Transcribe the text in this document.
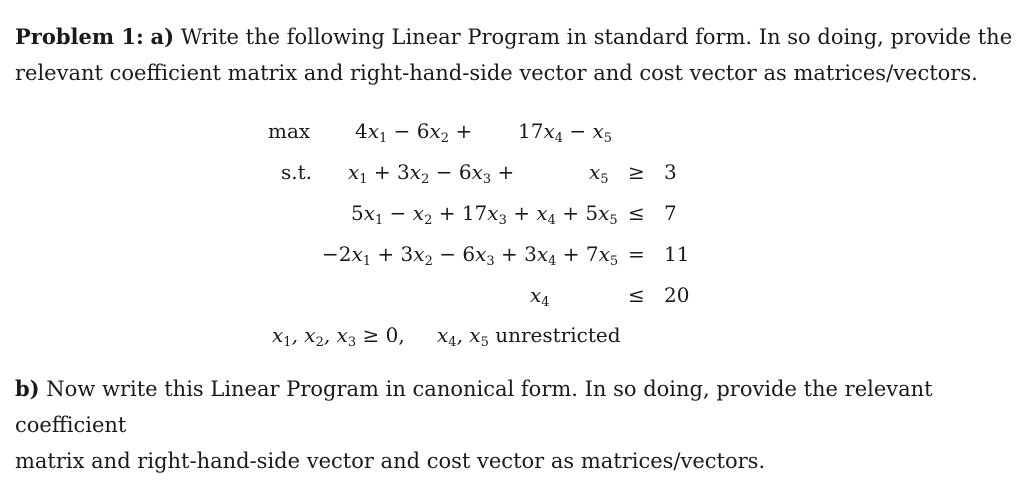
Problem 1: a) Write the following Linear Program in standard form. In so doing, provide the
relevant coefficient matrix and right-hand-side vector and cost vector as matrices/vectors.
max
s.t.
$4x_1 - 6x_2 + 17x_4 - x_5$
$x_1 + 3x_2 - 6x_3$ +	$x_5 \ge 3$
$5x_1 - x_2 + 17x_3 + x_4 + 5x_5 \le 7$
$-2x_1 + 3x_2 - 6x_3 + 3x_4 + 7x_5 = 11$
$x_4$	≤ 20
$x_1$, $x_2$, $x_3 \ge 0$, $x_4$, $x_5$ unrestricted
b) Now write this Linear Program in canonical form. In so doing, provide the relevant coefficient
matrix and right-hand-side vector and cost vector as matrices/vectors.
